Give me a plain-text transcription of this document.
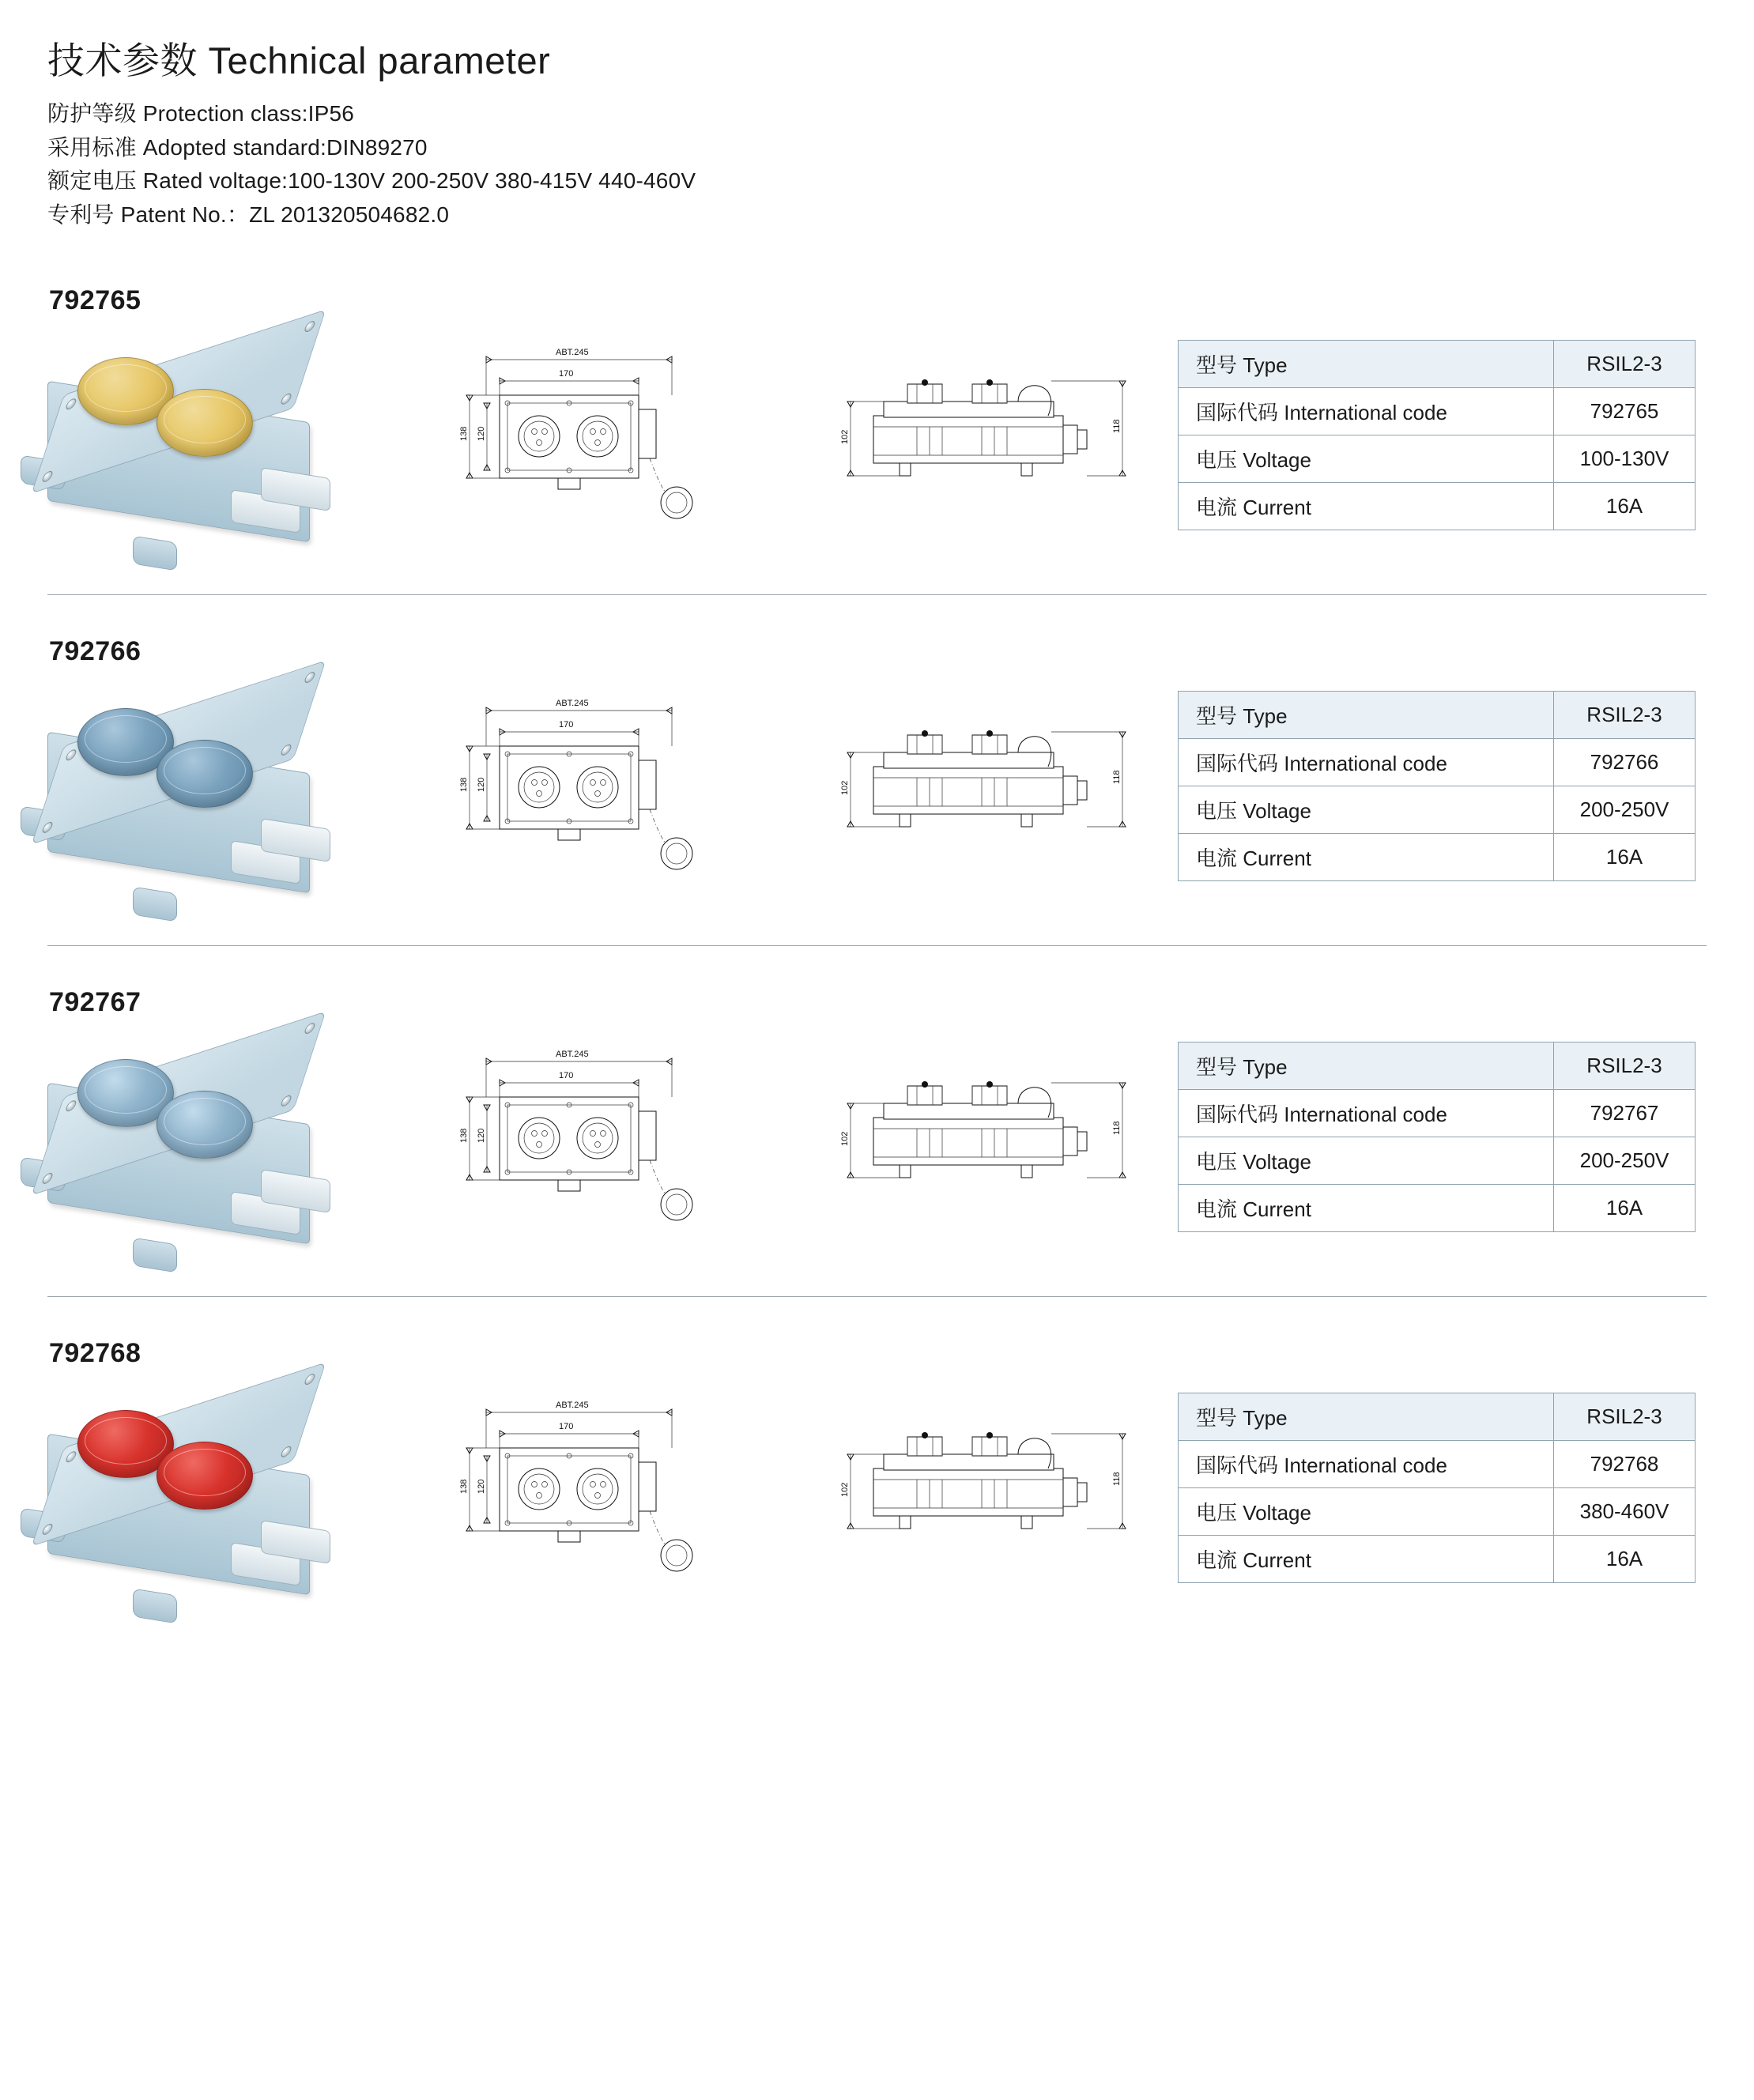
技术参数 Technical parameter
防护等级 Protection class:IP56
采用标准 Adopted standard:DIN89270
额定电压 Rated voltage:100-130V 200-250V 380-415V 440-460V
专利号 Patent No.：ZL 201320504682.0
792765
ABT.245
170
138 120	102
118
型号 Type	RSIL2-3
国际代码 International code	792765
电压 Voltage	100-130V
电流 Current	16A
792766
ABT.245
170
138 120	102
118
型号 Type	RSIL2-3
国际代码 International code	792766
电压 Voltage	200-250V
电流 Current	16A
792767
ABT.245
170
138 120	102
118
型号 Type	RSIL2-3
国际代码 International code	792767
电压 Voltage	200-250V
电流 Current	16A
792768
ABT.245
170
138 120	102
118
型号 Type	RSIL2-3
国际代码 International code	792768
电压 Voltage	380-460V
电流 Current	16A
